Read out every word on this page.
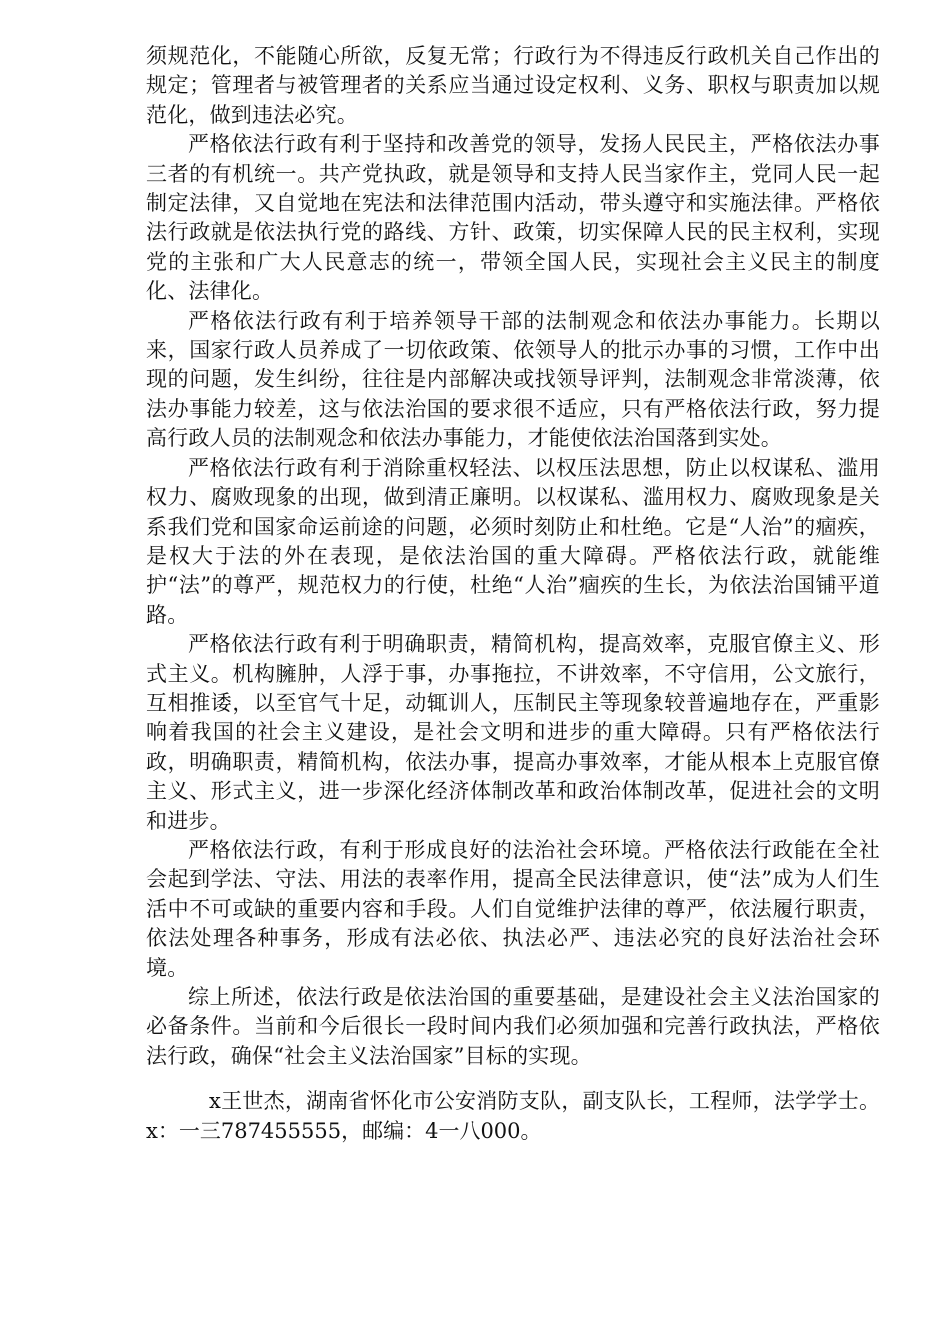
须规范化，不能随心所欲，反复无常；行政行为不得违反行政机关自己作出的规定；管理者与被管理者的关系应当通过设定权利、义务、职权与职责加以规范化，做到违法必究。

严格依法行政有利于坚持和改善党的领导，发扬人民民主，严格依法办事三者的有机统一。共产党执政，就是领导和支持人民当家作主，党同人民一起制定法律，又自觉地在宪法和法律范围内活动，带头遵守和实施法律。严格依法行政就是依法执行党的路线、方针、政策，切实保障人民的民主权利，实现党的主张和广大人民意志的统一，带领全国人民，实现社会主义民主的制度化、法律化。

严格依法行政有利于培养领导干部的法制观念和依法办事能力。长期以来，国家行政人员养成了一切依政策、依领导人的批示办事的习惯，工作中出现的问题，发生纠纷，往往是内部解决或找领导评判，法制观念非常淡薄，依法办事能力较差，这与依法治国的要求很不适应，只有严格依法行政，努力提高行政人员的法制观念和依法办事能力，才能使依法治国落到实处。

严格依法行政有利于消除重权轻法、以权压法思想，防止以权谋私、滥用权力、腐败现象的出现，做到清正廉明。以权谋私、滥用权力、腐败现象是关系我们党和国家命运前途的问题，必须时刻防止和杜绝。它是“人治”的痼疾，是权大于法的外在表现，是依法治国的重大障碍。严格依法行政，就能维护“法”的尊严，规范权力的行使，杜绝“人治”痼疾的生长，为依法治国铺平道路。

严格依法行政有利于明确职责，精简机构，提高效率，克服官僚主义、形式主义。机构臃肿，人浮于事，办事拖拉，不讲效率，不守信用，公文旅行，互相推诿，以至官气十足，动辄训人，压制民主等现象较普遍地存在，严重影响着我国的社会主义建设，是社会文明和进步的重大障碍。只有严格依法行政，明确职责，精简机构，依法办事，提高办事效率，才能从根本上克服官僚主义、形式主义，进一步深化经济体制改革和政治体制改革，促进社会的文明和进步。

严格依法行政，有利于形成良好的法治社会环境。严格依法行政能在全社会起到学法、守法、用法的表率作用，提高全民法律意识，使“法”成为人们生活中不可或缺的重要内容和手段。人们自觉维护法律的尊严，依法履行职责，依法处理各种事务，形成有法必依、执法必严、违法必究的良好法治社会环境。

综上所述，依法行政是依法治国的重要基础，是建设社会主义法治国家的必备条件。当前和今后很长一段时间内我们必须加强和完善行政执法，严格依法行政，确保“社会主义法治国家”目标的实现。

x王世杰，湖南省怀化市公安消防支队，副支队长，工程师，法学学士。x：一三787455555，邮编：4一八000。
